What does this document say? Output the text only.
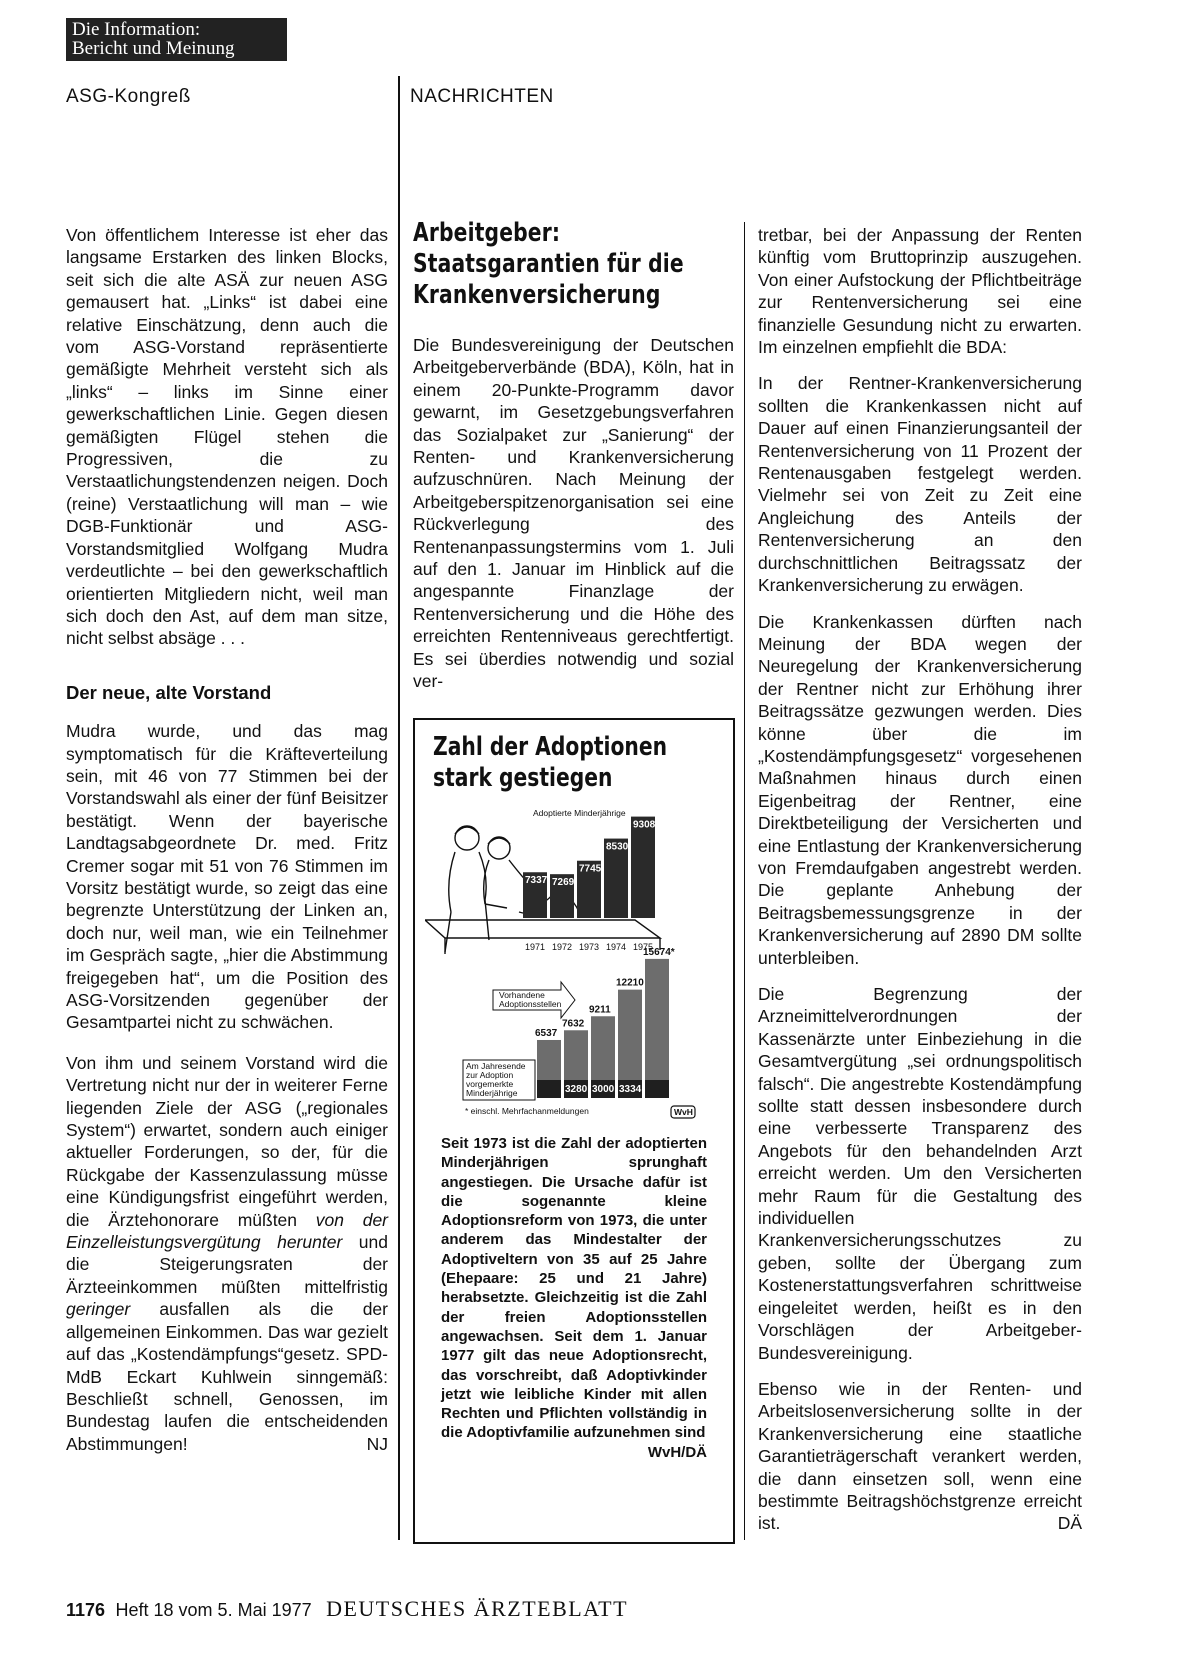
Die Information:
Bericht und Meinung
ASG-Kongreß	NACHRICHTEN

Von öffentlichem Interesse ist eher das langsame Erstarken des linken Blocks, seit sich die alte ASÄ zur neuen ASG gemausert hat. „Links“ ist dabei eine relative Einschätzung, denn auch die vom ASG-Vorstand repräsentierte gemäßigte Mehrheit versteht sich als „links“ – links im Sinne einer gewerkschaftlichen Linie. Gegen diesen gemäßigten Flügel stehen die Progressiven, die zu Verstaatlichungstendenzen neigen. Doch (reine) Verstaatlichung will man – wie DGB-Funktionär und ASG-Vorstandsmitglied Wolfgang Mudra verdeutlichte – bei den gewerkschaftlich orientierten Mitgliedern nicht, weil man sich doch den Ast, auf dem man sitze, nicht selbst absäge . . .

Der neue, alte Vorstand

Mudra wurde, und das mag symptomatisch für die Kräfteverteilung sein, mit 46 von 77 Stimmen bei der Vorstandswahl als einer der fünf Beisitzer bestätigt. Wenn der bayerische Landtagsabgeordnete Dr. med. Fritz Cremer sogar mit 51 von 76 Stimmen im Vorsitz bestätigt wurde, so zeigt das eine begrenzte Unterstützung der Linken an, doch nur, weil man, wie ein Teilnehmer im Gespräch sagte, „hier die Abstimmung freigegeben hat“, um die Position des ASG-Vorsitzenden gegenüber der Gesamtpartei nicht zu schwächen.

Von ihm und seinem Vorstand wird die Vertretung nicht nur der in weiterer Ferne liegenden Ziele der ASG („regionales System“) erwartet, sondern auch einiger aktueller Forderungen, so der, für die Rückgabe der Kassenzulassung müsse eine Kündigungsfrist eingeführt werden, die Ärztehonorare müßten von der Einzelleistungsvergütung herunter und die Steigerungsraten der Ärzteeinkommen müßten mittelfristig geringer ausfallen als die der allgemeinen Einkommen. Das war gezielt auf das „Kostendämpfungs“gesetz. SPD-MdB Eckart Kuhlwein sinngemäß: Beschließt schnell, Genossen, im Bundestag laufen die entscheidenden Abstimmungen!	NJ

Arbeitgeber:
Staatsgarantien für die
Krankenversicherung

Die Bundesvereinigung der Deutschen Arbeitgeberverbände (BDA), Köln, hat in einem 20-Punkte-Programm davor gewarnt, im Gesetzgebungsverfahren das Sozialpaket zur „Sanierung“ der Renten- und Krankenversicherung aufzuschnüren. Nach Meinung der Arbeitgeberspitzenorganisation sei eine Rückverlegung des Rentenanpassungstermins vom 1. Juli auf den 1. Januar im Hinblick auf die angespannte Finanzlage der Rentenversicherung und die Höhe des erreichten Rentenniveaus gerechtfertigt. Es sei überdies notwendig und sozial ver-

Zahl der Adoptionen
stark gestiegen
Adoptierte Minderjährige
7337 7269
7745
8530
9308
1971 1972 1973 1974 1975
6537
7632
3280
9211
3000
12210
3334
15674*
Vorhandene
Adoptionsstellen
Am Jahresende
zur Adoption
vorgemerkte
Minderjährige
* einschl. Mehrfachanmeldungen	WvH
Seit 1973 ist die Zahl der adoptierten Minderjährigen sprunghaft angestiegen. Die Ursache dafür ist die sogenannte kleine Adoptionsreform von 1973, die unter anderem das Mindestalter der Adoptiveltern von 35 auf 25 Jahre (Ehepaare: 25 und 21 Jahre) herabsetzte. Gleichzeitig ist die Zahl der freien Adoptionsstellen angewachsen. Seit dem 1. Januar 1977 gilt das neue Adoptionsrecht, das vorschreibt, daß Adoptivkinder jetzt wie leibliche Kinder mit allen Rechten und Pflichten vollständig in die Adoptivfamilie aufzunehmen sind
WvH/DÄ

tretbar, bei der Anpassung der Renten künftig vom Bruttoprinzip auszugehen. Von einer Aufstockung der Pflichtbeiträge zur Rentenversicherung sei eine finanzielle Gesundung nicht zu erwarten. Im einzelnen empfiehlt die BDA:

In der Rentner-Krankenversicherung sollten die Krankenkassen nicht auf Dauer auf einen Finanzierungsanteil der Rentenversicherung von 11 Prozent der Rentenausgaben festgelegt werden. Vielmehr sei von Zeit zu Zeit eine Angleichung des Anteils der Rentenversicherung an den durchschnittlichen Beitragssatz der Krankenversicherung zu erwägen.

Die Krankenkassen dürften nach Meinung der BDA wegen der Neuregelung der Krankenversicherung der Rentner nicht zur Erhöhung ihrer Beitragssätze gezwungen werden. Dies könne über die im „Kostendämpfungsgesetz“ vorgesehenen Maßnahmen hinaus durch einen Eigenbeitrag der Rentner, eine Direktbeteiligung der Versicherten und eine Entlastung der Krankenversicherung von Fremdaufgaben angestrebt werden. Die geplante Anhebung der Beitragsbemessungsgrenze in der Krankenversicherung auf 2890 DM sollte unterbleiben.

Die Begrenzung der Arzneimittelverordnungen der Kassenärzte unter Einbeziehung in die Gesamtvergütung „sei ordnungspolitisch falsch“. Die angestrebte Kostendämpfung sollte statt dessen insbesondere durch eine verbesserte Transparenz des Angebots für den behandelnden Arzt erreicht werden. Um den Versicherten mehr Raum für die Gestaltung des individuellen Krankenversicherungsschutzes zu geben, sollte der Übergang zum Kostenerstattungsverfahren schrittweise eingeleitet werden, heißt es in den Vorschlägen der Arbeitgeber-Bundesvereinigung.

Ebenso wie in der Renten- und Arbeitslosenversicherung sollte in der Krankenversicherung eine staatliche Garantieträgerschaft verankert werden, die dann einsetzen soll, wenn eine bestimmte Beitragshöchstgrenze erreicht ist.	DÄ

1176 Heft 18 vom 5. Mai 1977 DEUTSCHES ÄRZTEBLATT
